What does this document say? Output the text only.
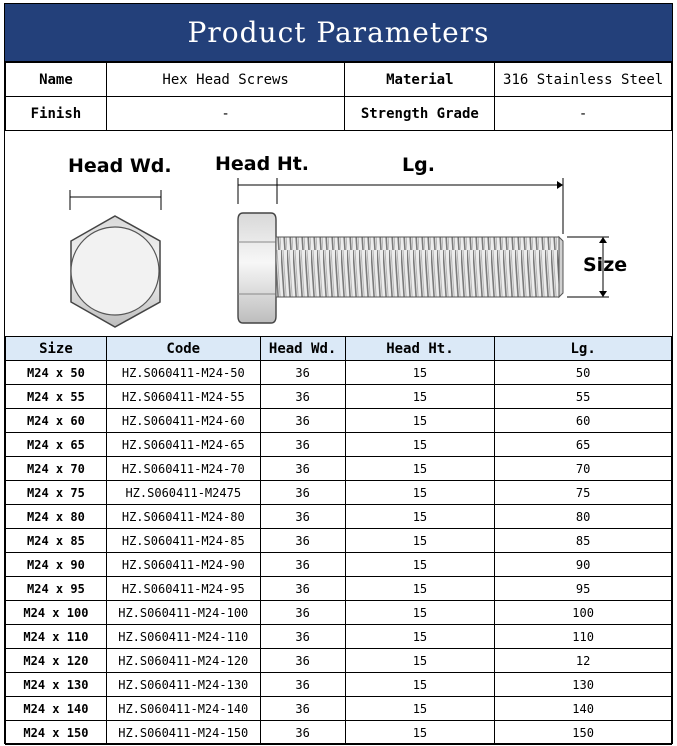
Product Parameters
Name	Hex Head Screws	Material	316 Stainless Steel
Finish	-	Strength Grade	-
Head Wd. Head Ht.	Lg.
Size
Size	Code	Head Wd.	Head Ht.	Lg.
M24 x 50	HZ.S060411-M24-50	36	15	50
M24 x 55	HZ.S060411-M24-55	36	15	55
M24 x 60	HZ.S060411-M24-60	36	15	60
M24 x 65	HZ.S060411-M24-65	36	15	65
M24 x 70	HZ.S060411-M24-70	36	15	70
M24 x 75	HZ.S060411-M2475	36	15	75
M24 x 80	HZ.S060411-M24-80	36	15	80
M24 x 85	HZ.S060411-M24-85	36	15	85
M24 x 90	HZ.S060411-M24-90	36	15	90
M24 x 95	HZ.S060411-M24-95	36	15	95
M24 x 100	HZ.S060411-M24-100	36	15	100
M24 x 110	HZ.S060411-M24-110	36	15	110
M24 x 120	HZ.S060411-M24-120	36	15	12
M24 x 130	HZ.S060411-M24-130	36	15	130
M24 x 140	HZ.S060411-M24-140	36	15	140
M24 x 150	HZ.S060411-M24-150	36	15	150
